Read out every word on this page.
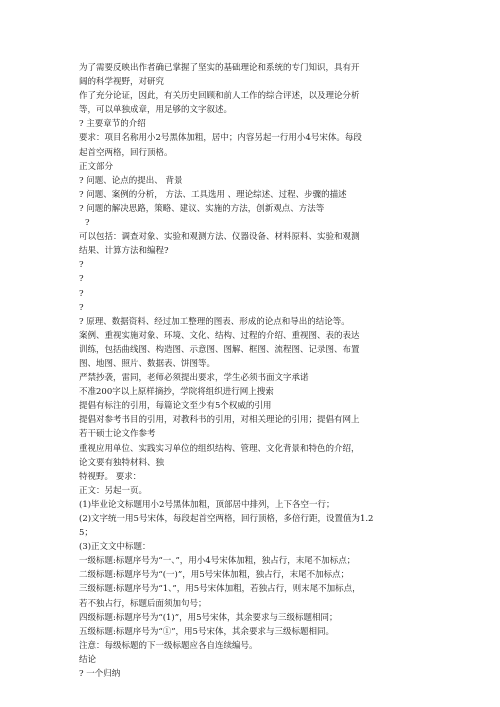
为了需要反映出作者确已掌握了坚实的基础理论和系统的专门知识，具有开
阔的科学视野，对研究
作了充分论证，因此，有关历史回顾和前人工作的综合评述，以及理论分析
等，可以单独成章，用足够的文字叙述。
? 主要章节的介绍
要求：项目名称用小2号黑体加粗，居中；内容另起一行用小4号宋体。每段
起首空两格，回行顶格。
正文部分
? 问题、论点的提出、 背景
? 问题、案例的分析， 方法、工具选用 、理论综述、过程、步骤的描述
? 问题的解决思路，策略、建议、实施的方法，创新观点、方法等
?
可以包括：调查对象、实验和观测方法、仪器设备、材料原料、实验和观测
结果、计算方法和编程?
?
?
?
?
? 原理、数据资料、经过加工整理的图表、形成的论点和导出的结论等。
案例、重视实施对象、环境、文化、结构、过程的介绍、重视图、表的表达
训练，包括曲线图、构造图、示意图、图解、框图、流程图、记录图、布置
图、地图、照片、数据表、饼图等。
严禁抄袭，雷同，老师必须提出要求，学生必须书面文字承诺
不准200字以上原样摘抄，学院将组织进行网上搜索
提倡有标注的引用，每篇论文至少有5个权威的引用
提倡对参考书目的引用，对教科书的引用，对相关理论的引用；提倡有网上
若干硕士论文作参考
重视应用单位、实践实习单位的组织结构、管理、文化背景和特色的介绍，
论文要有独特材料、独
特视野。 要求：
正文：另起一页。
(1)毕业论文标题用小2号黑体加粗，顶部居中排列，上下各空一行；
(2)文字统一用5号宋体，每段起首空两格，回行顶格，多倍行距，设置值为1.2
5；
(3)正文文中标题：
一级标题:标题序号为“一、”，用小4号宋体加粗，独占行，末尾不加标点；
二级标题:标题序号为“(一)”，用5号宋体加粗，独占行，末尾不加标点；
三级标题:标题序号为“1、”，用5号宋体加粗，若独占行，则末尾不加标点，
若不独占行，标题后面须加句号；
四级标题:标题序号为“(1)”，用5号宋体，其余要求与三级标题相同；
五级标题:标题序号为“①”，用5号宋体，其余要求与三级标题相同。
注意：每级标题的下一级标题应各自连续编号。
结论
? 一个归纳
